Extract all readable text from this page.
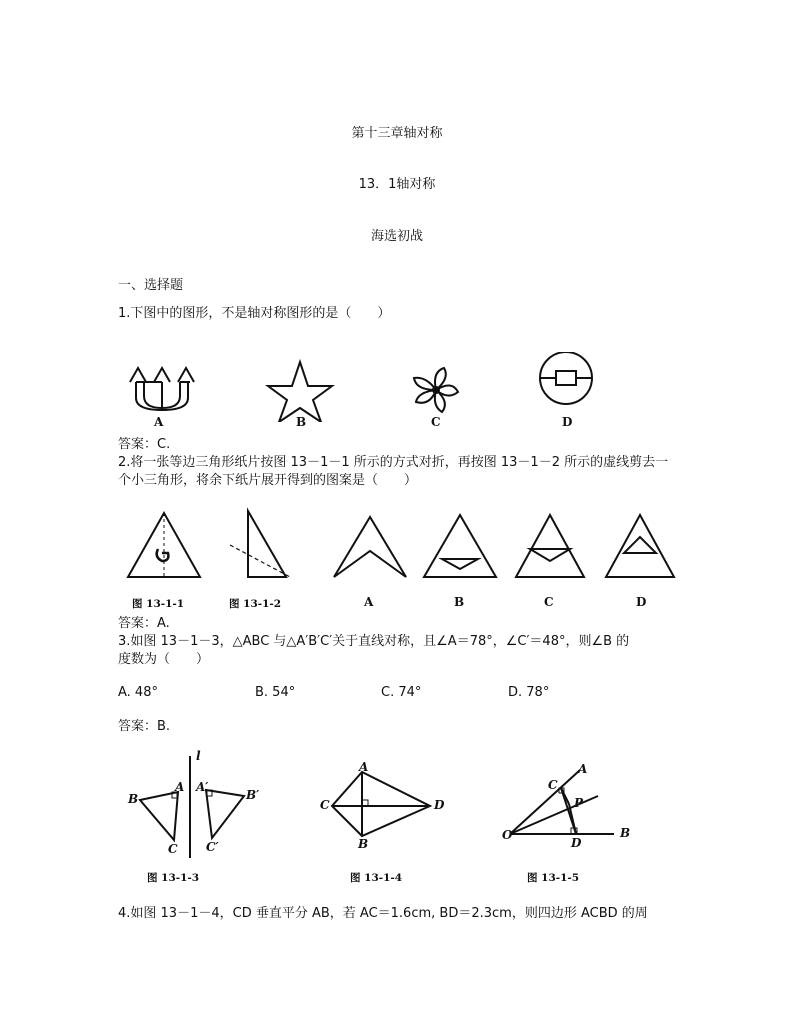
第十三章轴对称
13．1轴对称
海选初战
一、选择题
1.下图中的图形，不是轴对称图形的是（　　）
A	B	C	D
答案：C.
2.将一张等边三角形纸片按图 13－1－1 所示的方式对折，再按图 13－1－2 所示的虚线剪去一
个小三角形，将余下纸片展开得到的图案是（　　）
图 13-1-1	图 13-1-2	A	B	C	D
答案：A.
3.如图 13－1－3，△ABC 与△A′B′C′关于直线对称，且∠A＝78°，∠C′＝48°，则∠B 的
度数为（　　）
A. 48°	B. 54°	C. 74°	D. 78°
答案：B.
l
A A′
B	B′
C C′
图 13-1-3
A
B
C	D
图 13-1-4
A
B
C
D
O
P
图 13-1-5
4.如图 13－1－4，CD 垂直平分 AB，若 AC＝1.6cm, BD＝2.3cm，则四边形 ACBD 的周
